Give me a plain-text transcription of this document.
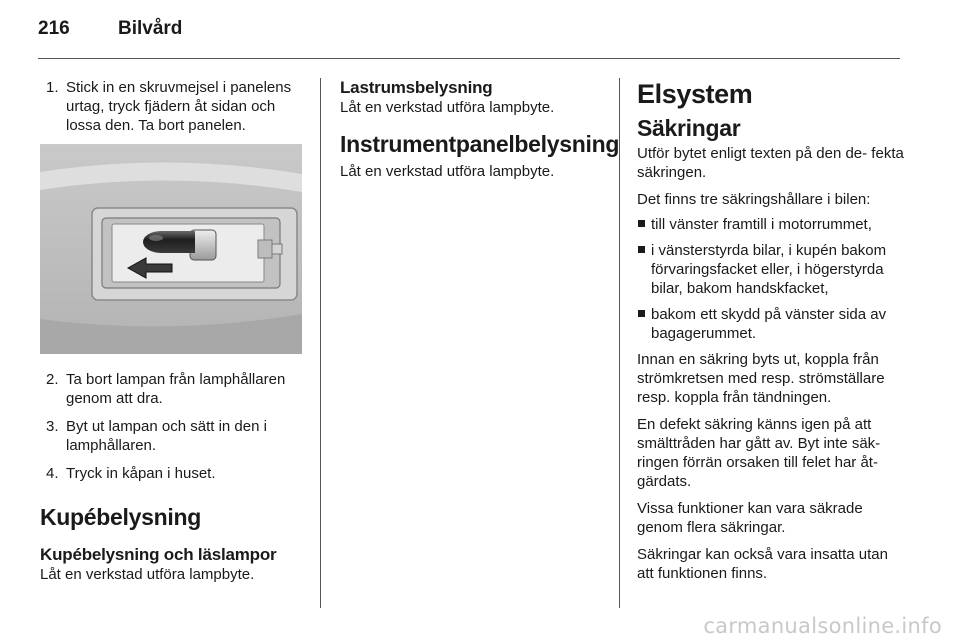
216	Bilvård
1. Stick in en skruvmejsel i panelens urtag, tryck fjädern åt sidan och lossa den. Ta bort panelen.
2. Ta bort lampan från lamphållaren genom att dra.
3. Byt ut lampan och sätt in den i lamphållaren.
4. Tryck in kåpan i huset.
Kupébelysning
Kupébelysning och läslampor

Låt en verkstad utföra lampbyte.

Lastrumsbelysning

Låt en verkstad utföra lampbyte.

Instrumentpanelbelysning

Låt en verkstad utföra lampbyte.

Elsystem
Säkringar

Utför bytet enligt texten på den de- fekta säkringen.

Det finns tre säkringshållare i bilen:

till vänster framtill i motorrummet,
i vänsterstyrda bilar, i kupén bakom förvaringsfacket eller, i högerstyrda bilar, bakom handskfacket,
bakom ett skydd på vänster sida av bagagerummet.

Innan en säkring byts ut, koppla från strömkretsen med resp. strömställare resp. koppla från tändningen.

En defekt säkring känns igen på att smälttråden har gått av. Byt inte säk- ringen förrän orsaken till felet har åt- gärdats.

Vissa funktioner kan vara säkrade genom flera säkringar.

Säkringar kan också vara insatta utan att funktionen finns.

carmanualsonline.info
